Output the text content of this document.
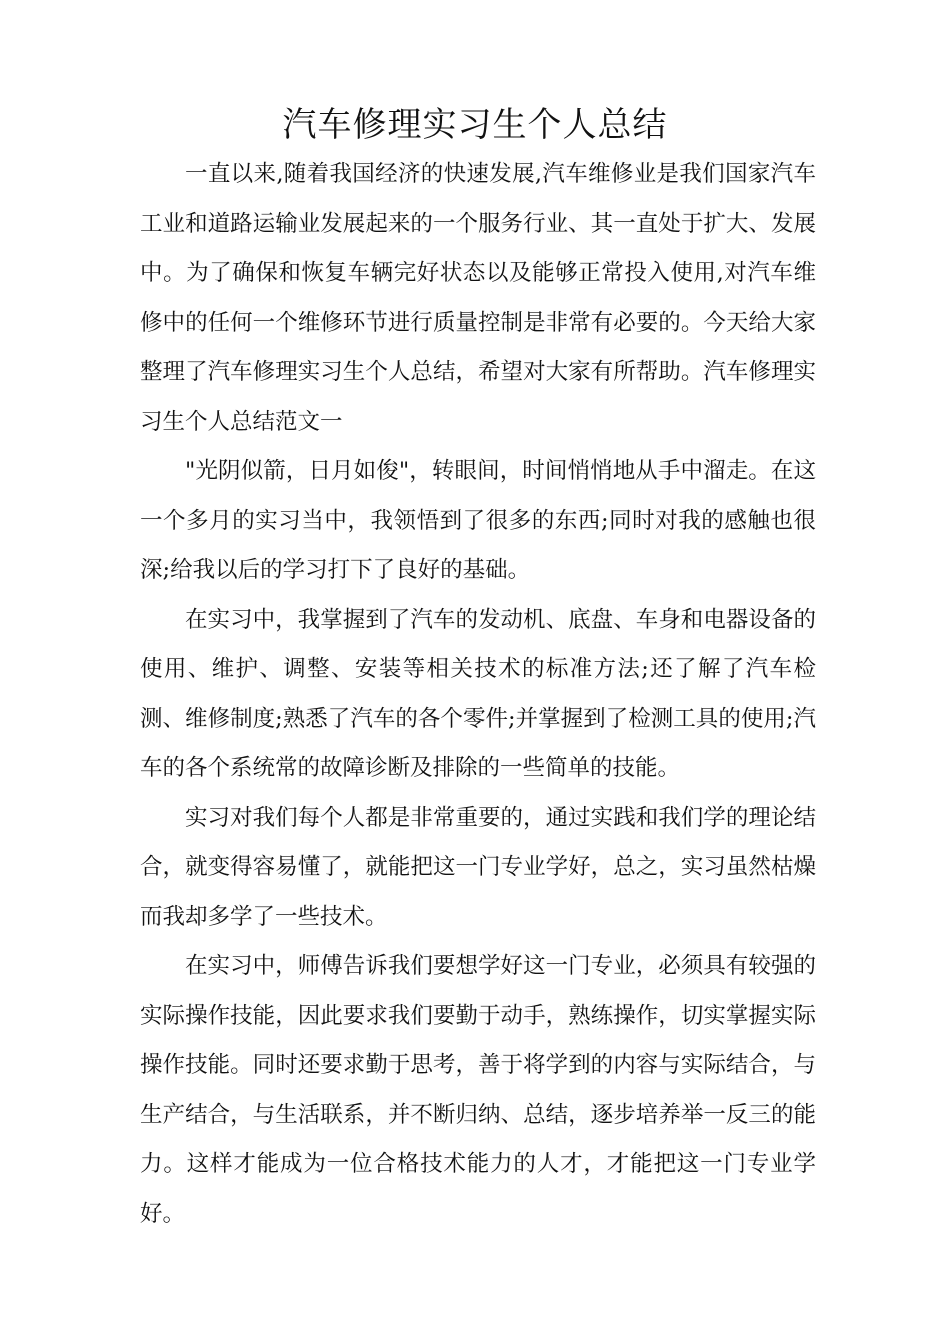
汽车修理实习生个人总结

一直以来,随着我国经济的快速发展,汽车维修业是我们国家汽车工业和道路运输业发展起来的一个服务行业、其一直处于扩大、发展中。为了确保和恢复车辆完好状态以及能够正常投入使用,对汽车维修中的任何一个维修环节进行质量控制是非常有必要的。今天给大家整理了汽车修理实习生个人总结，希望对大家有所帮助。汽车修理实习生个人总结范文一

"光阴似箭，日月如俊"，转眼间，时间悄悄地从手中溜走。在这一个多月的实习当中，我领悟到了很多的东西;同时对我的感触也很深;给我以后的学习打下了良好的基础。

在实习中，我掌握到了汽车的发动机、底盘、车身和电器设备的使用、维护、调整、安装等相关技术的标准方法;还了解了汽车检测、维修制度;熟悉了汽车的各个零件;并掌握到了检测工具的使用;汽车的各个系统常的故障诊断及排除的一些简单的技能。

实习对我们每个人都是非常重要的，通过实践和我们学的理论结合，就变得容易懂了，就能把这一门专业学好，总之，实习虽然枯燥而我却多学了一些技术。

在实习中，师傅告诉我们要想学好这一门专业，必须具有较强的实际操作技能，因此要求我们要勤于动手，熟练操作，切实掌握实际操作技能。同时还要求勤于思考，善于将学到的内容与实际结合，与生产结合，与生活联系，并不断归纳、总结，逐步培养举一反三的能力。这样才能成为一位合格技术能力的人才，才能把这一门专业学好。
